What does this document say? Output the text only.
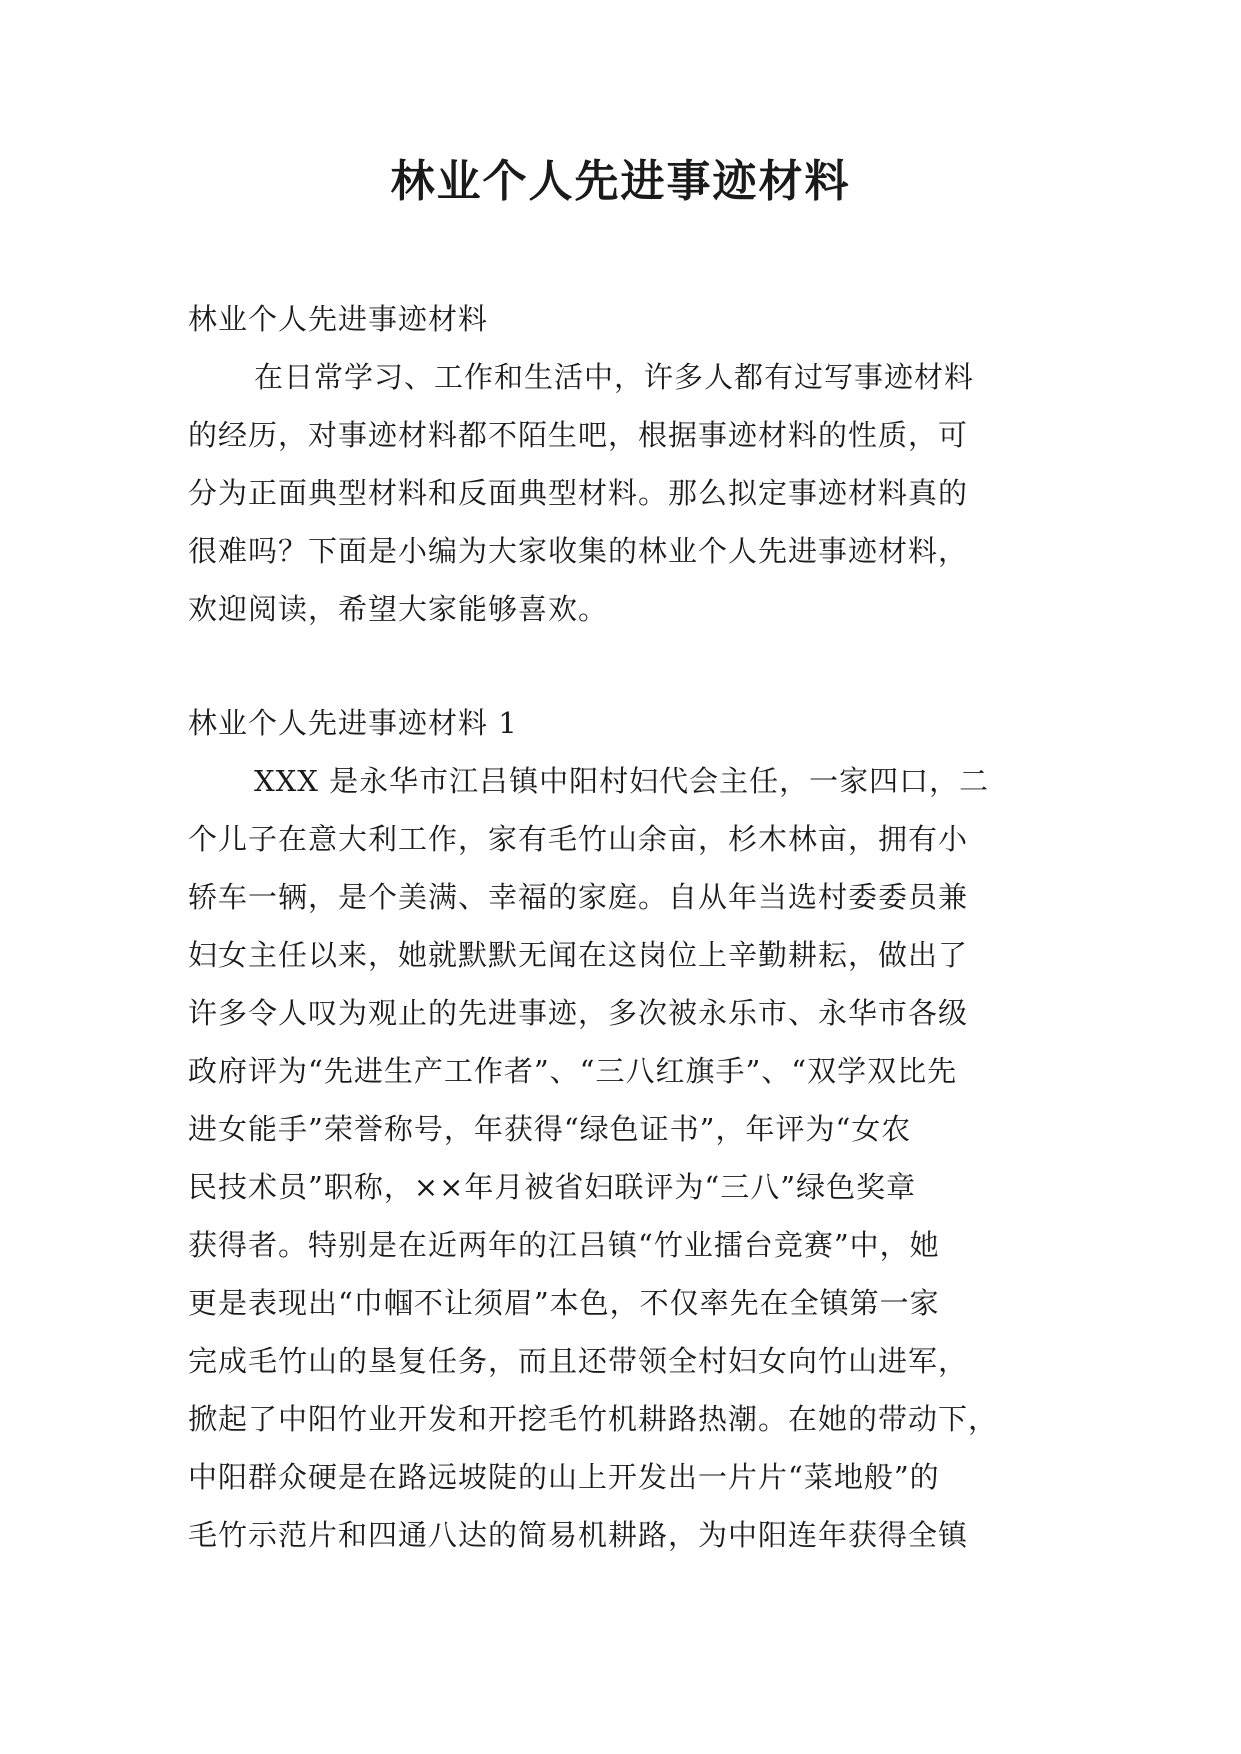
林业个人先进事迹材料
林业个人先进事迹材料
在日常学习、工作和生活中，许多人都有过写事迹材料
的经历，对事迹材料都不陌生吧，根据事迹材料的性质，可
分为正面典型材料和反面典型材料。那么拟定事迹材料真的
很难吗？下面是小编为大家收集的林业个人先进事迹材料，
欢迎阅读，希望大家能够喜欢。
林业个人先进事迹材料 1
XXX 是永华市江吕镇中阳村妇代会主任，一家四口，二
个儿子在意大利工作，家有毛竹山余亩，杉木林亩，拥有小
轿车一辆，是个美满、幸福的家庭。自从年当选村委委员兼
妇女主任以来，她就默默无闻在这岗位上辛勤耕耘，做出了
许多令人叹为观止的先进事迹，多次被永乐市、永华市各级
政府评为“先进生产工作者”、“三八红旗手”、“双学双比先
进女能手”荣誉称号，年获得“绿色证书”，年评为“女农
民技术员”职称，××年月被省妇联评为“三八”绿色奖章
获得者。特别是在近两年的江吕镇“竹业擂台竞赛”中，她
更是表现出“巾帼不让须眉”本色，不仅率先在全镇第一家
完成毛竹山的垦复任务，而且还带领全村妇女向竹山进军，
掀起了中阳竹业开发和开挖毛竹机耕路热潮。在她的带动下，
中阳群众硬是在路远坡陡的山上开发出一片片“菜地般”的
毛竹示范片和四通八达的简易机耕路，为中阳连年获得全镇
